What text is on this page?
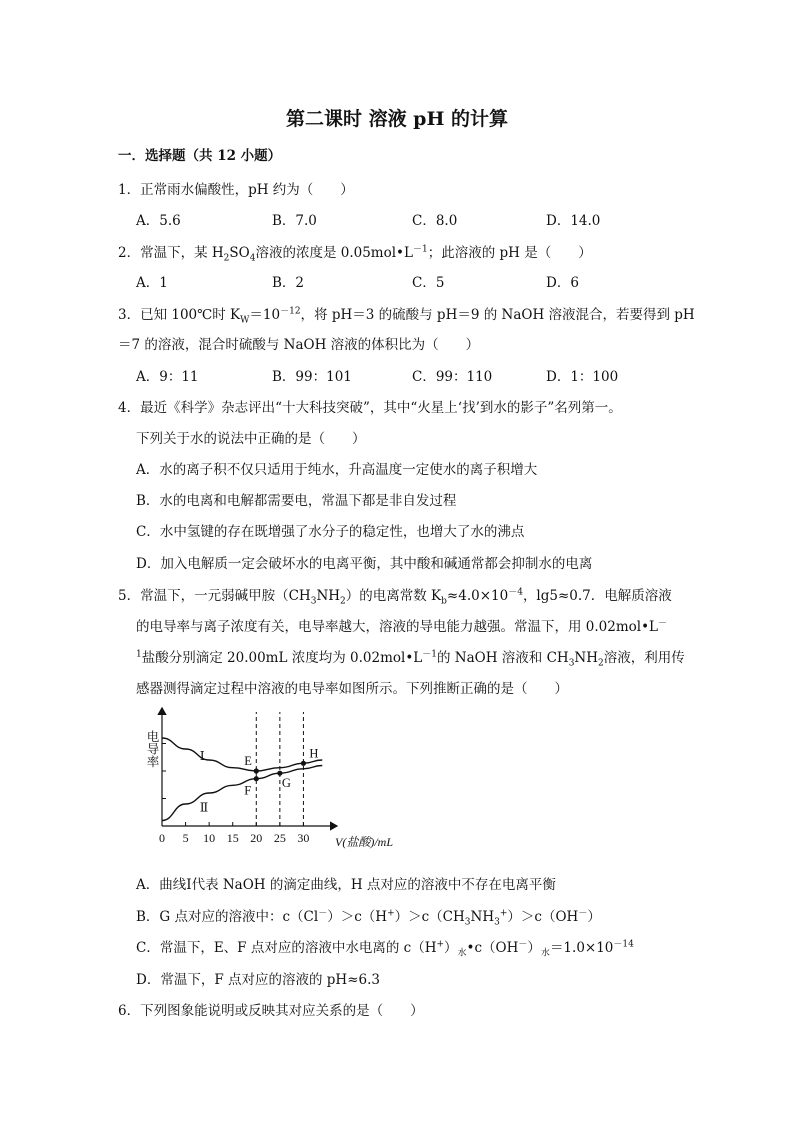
第二课时 溶液 pH 的计算
一．选择题（共 12 小题）
1．正常雨水偏酸性，pH 约为（　　）
A．5.6	B．7.0	C．8.0	D．14.0
2．常温下，某 $H_2SO_4$溶液的浓度是 $0.05mol•L^{-1}$；此溶液的 pH 是（　　）
A．1	B．2	C．5	D．6
3．已知 100℃时 $K_W=10^{-12}$，将 pH＝3 的硫酸与 pH＝9 的 NaOH 溶液混合，若要得到 pH
＝7 的溶液，混合时硫酸与 NaOH 溶液的体积比为（　　）
A．9：11	B．99：101	C．99：110	D．1：100
4．最近《科学》杂志评出“十大科技突破”，其中“火星上‘找’到水的影子”名列第一。
下列关于水的说法中正确的是（　　）
A．水的离子积不仅只适用于纯水，升高温度一定使水的离子积增大
B．水的电离和电解都需要电，常温下都是非自发过程
C．水中氢键的存在既增强了水分子的稳定性，也增大了水的沸点
D．加入电解质一定会破坏水的电离平衡，其中酸和碱通常都会抑制水的电离
5．常温下，一元弱碱甲胺$(CH_3NH_2)$的电离常数 $K_b\approx 4.0\times 10^{-4}$，lg5≈0.7．电解质溶液
的电导率与离子浓度有关，电导率越大，溶液的导电能力越强。常温下，用 0.02mol•L－
$^1$盐酸分别滴定 20.00mL 浓度均为 $0.02mol•L^{-1}$的 NaOH 溶液和 $CH_3NH_2$溶液，利用传
感器测得滴定过程中溶液的电导率如图所示。下列推断正确的是（　　）
电导率
0 5 10 15 20 25 30 V(盐酸)/mL
Ⅰ
Ⅱ
E
F
G
H
A．曲线Ⅰ代表 NaOH 的滴定曲线，H 点对应的溶液中不存在电离平衡
B．G 点对应的溶液中：$c(Cl^-)>c(H^+)>c(CH_3NH_3^+)>c(OH^-)$
C．常温下，E、F 点对应的溶液中水电离的 $c(H^+)_水•c(OH^-)_水=1.0\times 10^{-14}$
D．常温下，F 点对应的溶液的 pH≈6.3
6．下列图象能说明或反映其对应关系的是（　　）
